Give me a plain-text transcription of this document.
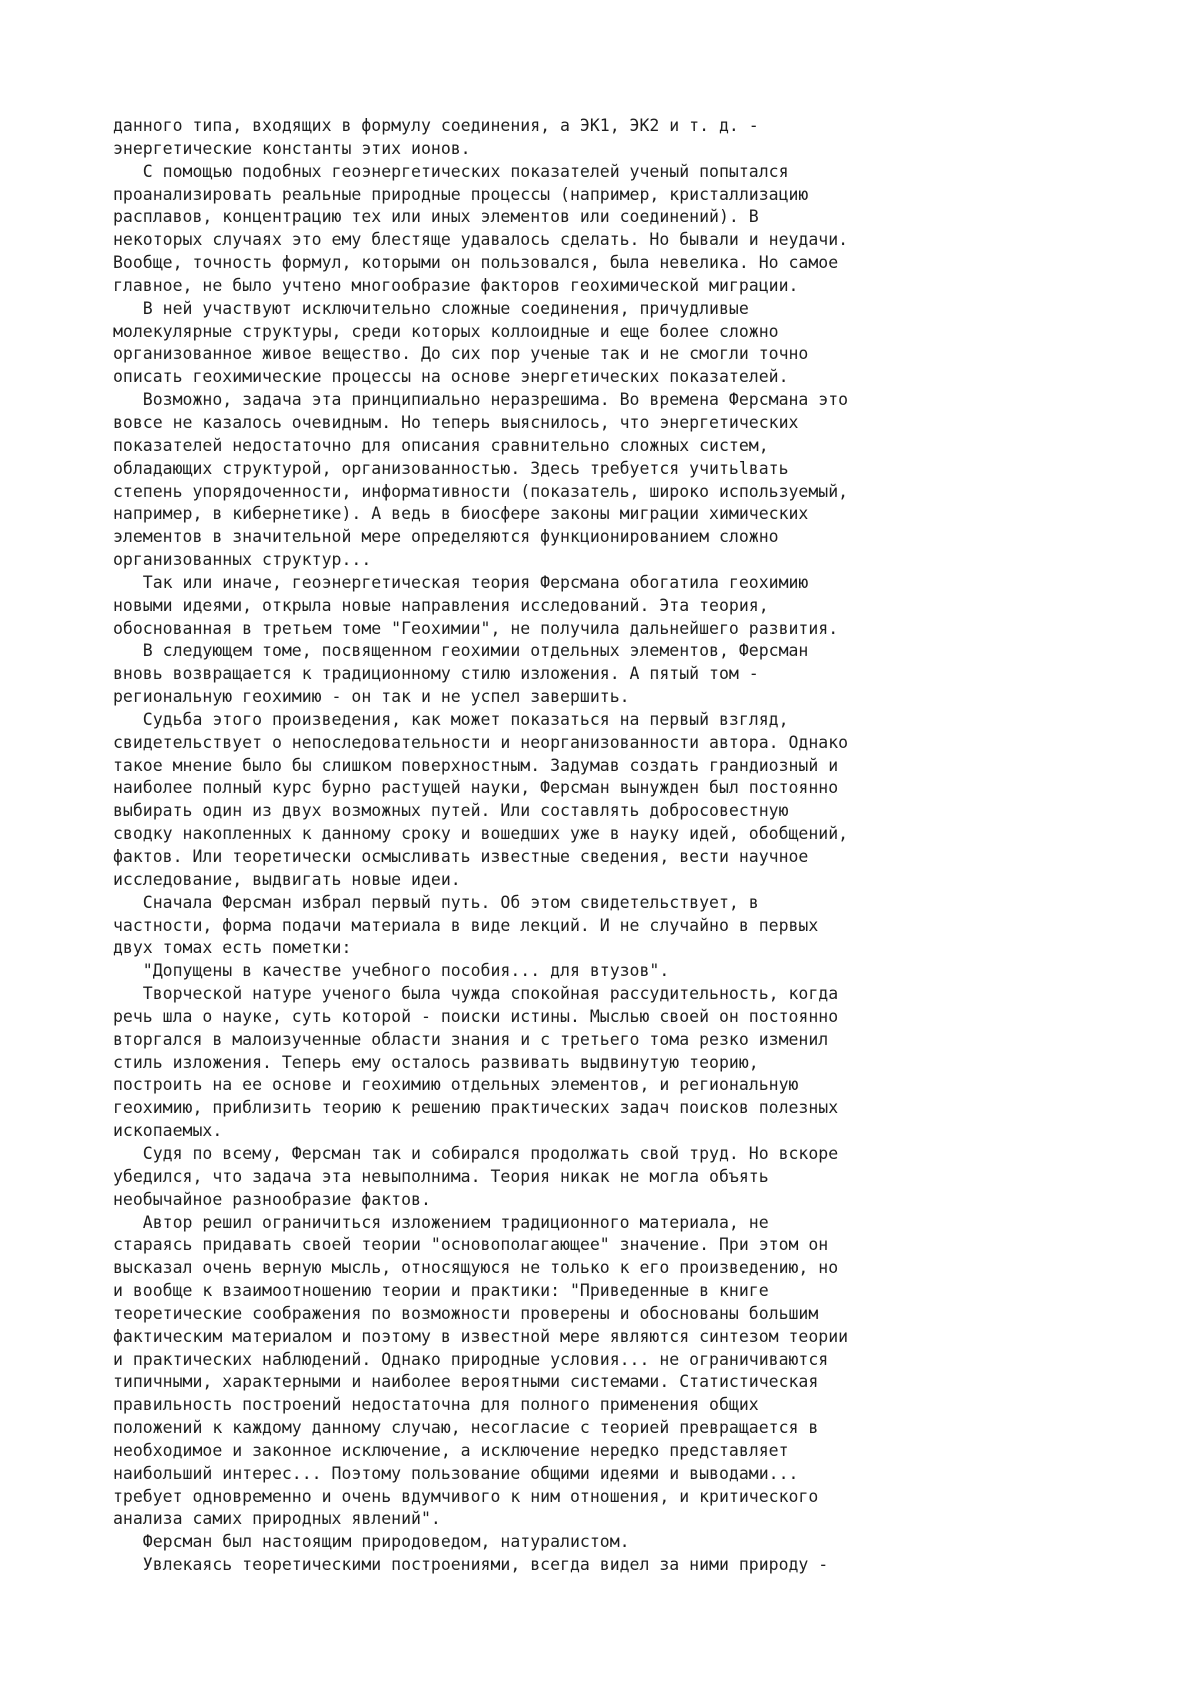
данного типа, входящих в формулу соединения, а ЭК1, ЭК2 и т. д. -
энергетические константы этих ионов.
С помощью подобных геоэнергетических показателей ученый попытался
проанализировать реальные природные процессы (например, кристаллизацию
расплавов, концентрацию тех или иных элементов или соединений). В
некоторых случаях это ему блестяще удавалось сделать. Но бывали и неудачи.
Вообще, точность формул, которыми он пользовался, была невелика. Но самое
главное, не было учтено многообразие факторов геохимической миграции.
В ней участвуют исключительно сложные соединения, причудливые
молекулярные структуры, среди которых коллоидные и еще более сложно
организованное живое вещество. До сих пор ученые так и не смогли точно
описать геохимические процессы на основе энергетических показателей.
Возможно, задача эта принципиально неразрешима. Во времена Ферсмана это
вовсе не казалось очевидным. Но теперь выяснилось, что энергетических
показателей недостаточно для описания сравнительно сложных систем,
обладающих структурой, организованностью. Здесь требуется учитьlвать
степень упорядоченности, информативности (показатель, широко используемый,
например, в кибернетике). А ведь в биосфере законы миграции химических
элементов в значительной мере определяются функционированием сложно
организованных структур...
Так или иначе, геоэнергетическая теория Ферсмана обогатила геохимию
новыми идеями, открыла новые направления исследований. Эта теория,
обоснованная в третьем томе "Геохимии", не получила дальнейшего развития.
В следующем томе, посвященном геохимии отдельных элементов, Ферсман
вновь возвращается к традиционному стилю изложения. А пятый том -
региональную геохимию - он так и не успел завершить.
Судьба этого произведения, как может показаться на первый взгляд,
свидетельствует о непоследовательности и неорганизованности автора. Однако
такое мнение было бы слишком поверхностным. Задумав создать грандиозный и
наиболее полный курс бурно растущей науки, Ферсман вынужден был постоянно
выбирать один из двух возможных путей. Или составлять добросовестную
сводку накопленных к данному сроку и вошедших уже в науку идей, обобщений,
фактов. Или теоретически осмысливать известные сведения, вести научное
исследование, выдвигать новые идеи.
Сначала Ферсман избрал первый путь. Об этом свидетельствует, в
частности, форма подачи материала в виде лекций. И не случайно в первых
двух томах есть пометки:
"Допущены в качестве учебного пособия... для втузов".
Творческой натуре ученого была чужда спокойная рассудительность, когда
речь шла о науке, суть которой - поиски истины. Мыслью своей он постоянно
вторгался в малоизученные области знания и с третьего тома резко изменил
стиль изложения. Теперь ему осталось развивать выдвинутую теорию,
построить на ее основе и геохимию отдельных элементов, и региональную
геохимию, приблизить теорию к решению практических задач поисков полезных
ископаемых.
Судя по всему, Ферсман так и собирался продолжать свой труд. Но вскоре
убедился, что задача эта невыполнима. Теория никак не могла объять
необычайное разнообразие фактов.
Автор решил ограничиться изложением традиционного материала, не
стараясь придавать своей теории "основополагающее" значение. При этом он
высказал очень верную мысль, относящуюся не только к его произведению, но
и вообще к взаимоотношению теории и практики: "Приведенные в книге
теоретические соображения по возможности проверены и обоснованы большим
фактическим материалом и поэтому в известной мере являются синтезом теории
и практических наблюдений. Однако природные условия... не ограничиваются
типичными, характерными и наиболее вероятными системами. Статистическая
правильность построений недостаточна для полного применения общих
положений к каждому данному случаю, несогласие с теорией превращается в
необходимое и законное исключение, а исключение нередко представляет
наибольший интерес... Поэтому пользование общими идеями и выводами...
требует одновременно и очень вдумчивого к ним отношения, и критического
анализа самих природных явлений".
Ферсман был настоящим природоведом, натуралистом.
Увлекаясь теоретическими построениями, всегда видел за ними природу -
